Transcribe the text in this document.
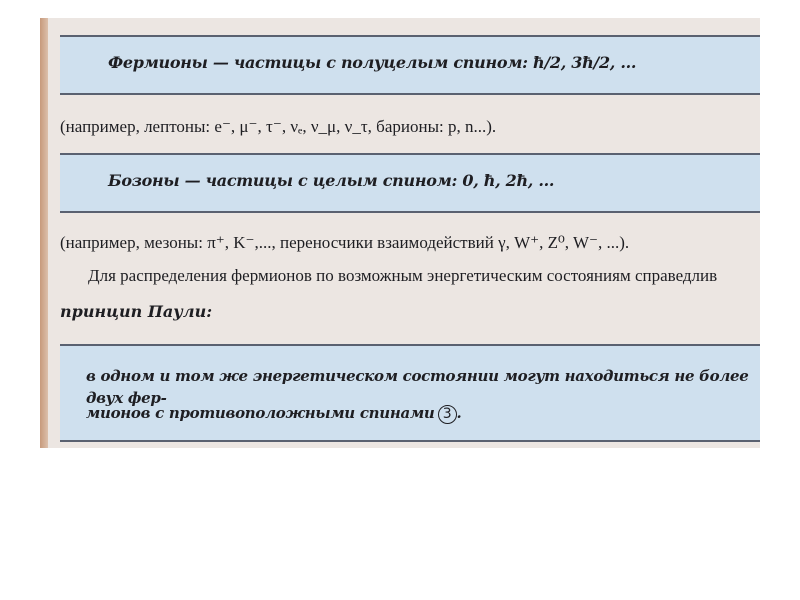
Фермионы — частицы с полуцелым спином: ħ/2, 3ħ/2, ...
(например, лептоны: e⁻, μ⁻, τ⁻, νₑ, ν_μ, ν_τ, барионы: p, n...).
Бозоны — частицы с целым спином: 0, ħ, 2ħ, ...
(например, мезоны: π⁺, K⁻,..., переносчики взаимодействий γ, W⁺, Z⁰, W⁻, ...).
Для распределения фермионов по возможным энергетическим состояниям справедлив
принцип Паули:
в одном и том же энергетическом состоянии могут находиться не более двух фер-
мионов с противоположными спинами 3 .
